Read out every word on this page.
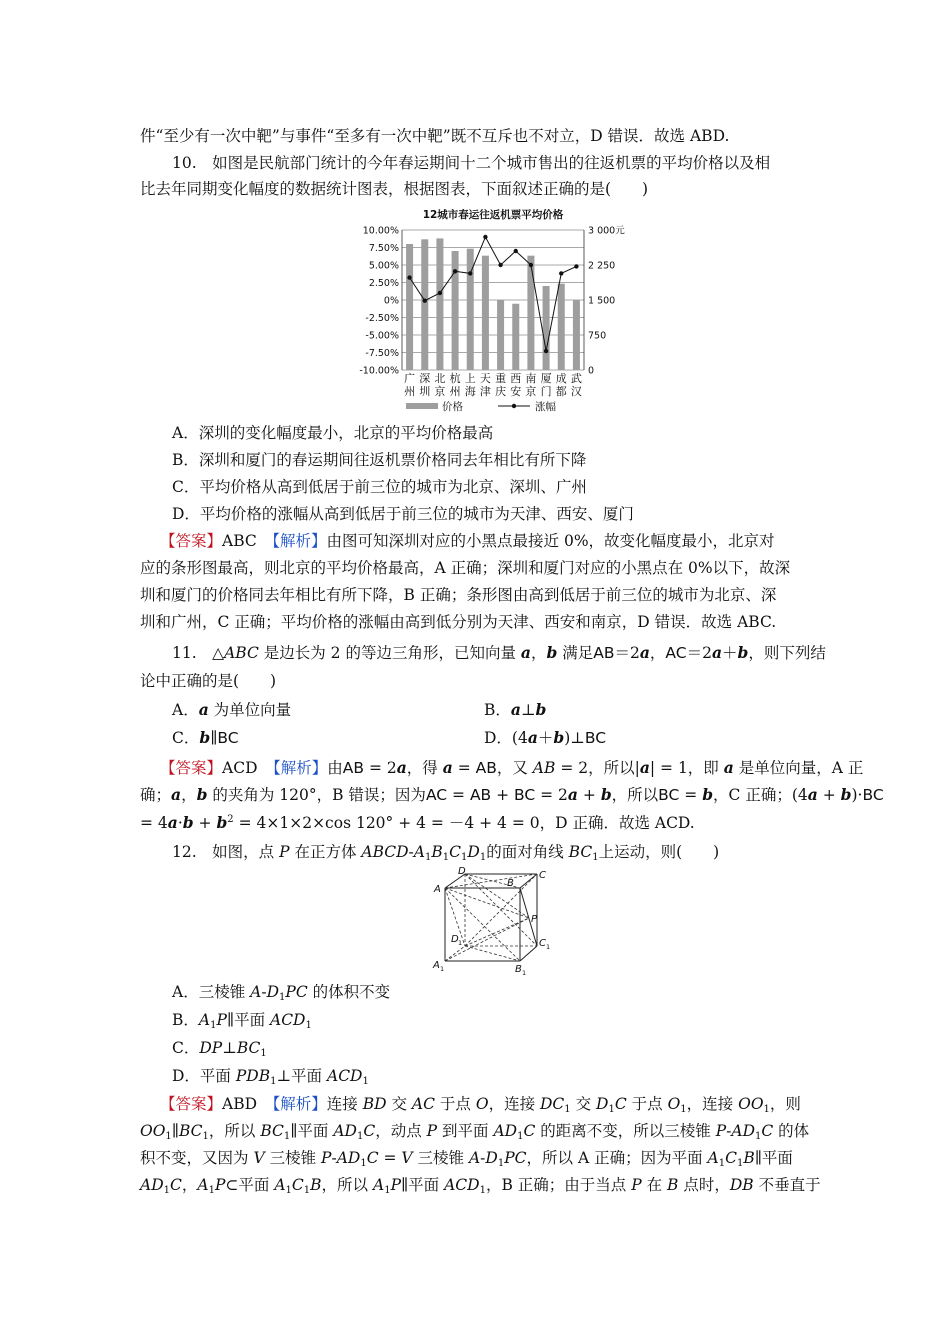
件“至少有一次中靶”与事件“至多有一次中靶”既不互斥也不对立，D 错误．故选 ABD.
10.　如图是民航部门统计的今年春运期间十二个城市售出的往返机票的平均价格以及相
比去年同期变化幅度的数据统计图表，根据图表，下面叙述正确的是(　　)
12城市春运往返机票平均价格
10.00%
7.50%
5.00%
2.50%
0%
-2.50%
-5.00%
-7.50%
-10.00%
3 000元
2 250
1 500
750
0
广
州
深
圳
北
京
杭
州
上
海
天
津
重
庆
西
安
南
京
厦
门
成
都
武
汉
价格	涨幅
A．深圳的变化幅度最小，北京的平均价格最高
B．深圳和厦门的春运期间往返机票价格同去年相比有所下降
C．平均价格从高到低居于前三位的城市为北京、深圳、广州
D．平均价格的涨幅从高到低居于前三位的城市为天津、西安、厦门
【答案】ABC　 【解析】由图可知深圳对应的小黑点最接近 0%，故变化幅度最小，北京对
应的条形图最高，则北京的平均价格最高，A 正确；深圳和厦门对应的小黑点在 0%以下，故深
圳和厦门的价格同去年相比有所下降，B 正确；条形图由高到低居于前三位的城市为北京、深
圳和广州，C 正确；平均价格的涨幅由高到低分别为天津、西安和南京，D 错误．故选 ABC.
11.　△ABC 是边长为 2 的等边三角形，已知向量 a，b 满足AB＝2a，AC＝2a＋b，则下列结
论中正确的是(　　)
A．a 为单位向量	B．a⊥b
C．b∥BC	D．(4a＋b)⊥BC
【答案】ACD　【解析】由AB = 2a，得 a = AB，又 AB = 2，所以|a| = 1，即 a 是单位向量，A 正
确；a，b 的夹角为 120°，B 错误；因为AC = AB + BC = 2a + b，所以BC = b，C 正确；(4a + b)·BC
= $4a\cdot b + b^2 = 4\times 1\times 2\times\cos$ 120° + 4 = －4 + 4 = 0，D 正确．故选 ACD.
12.　如图，点 P 在正方体 ABCD-$A_1B_1C_1D_1$的面对角线 $BC_1$上运动，则(　　)
D
B
C
A
P
D	C
A	B
1	1
1	1
A．三棱锥 $A-D_1PC$ 的体积不变
B．$A_1P\parallel$平面 $ACD_1$
C．$DP\perp BC_1$
D．平面 $PDB_1\perp$平面 $ACD_1$
【答案】ABD　【解析】连接 BD 交 AC 于点 O，连接 $DC_1$ 交 $D_1C$ 于点 $O_1$，连接 $OO_1$，则
$OO_1\parallel BC_1$，所以 $BC_1\parallel$平面 $AD_1C$，动点 P 到平面 $AD_1C$ 的距离不变，所以三棱锥 $P-AD_1C$ 的体
积不变，又因为 V 三棱锥 $P-AD_1C = V$ 三棱锥 $A-D_1PC$，所以 A 正确；因为平面 $A_1C_1B\parallel$平面
$AD_1C$，$A_1P\subset$平面 $A_1C_1B$，所以 $A_1P\parallel$平面 $ACD_1$，B 正确；由于当点 P 在 B 点时，DB 不垂直于
